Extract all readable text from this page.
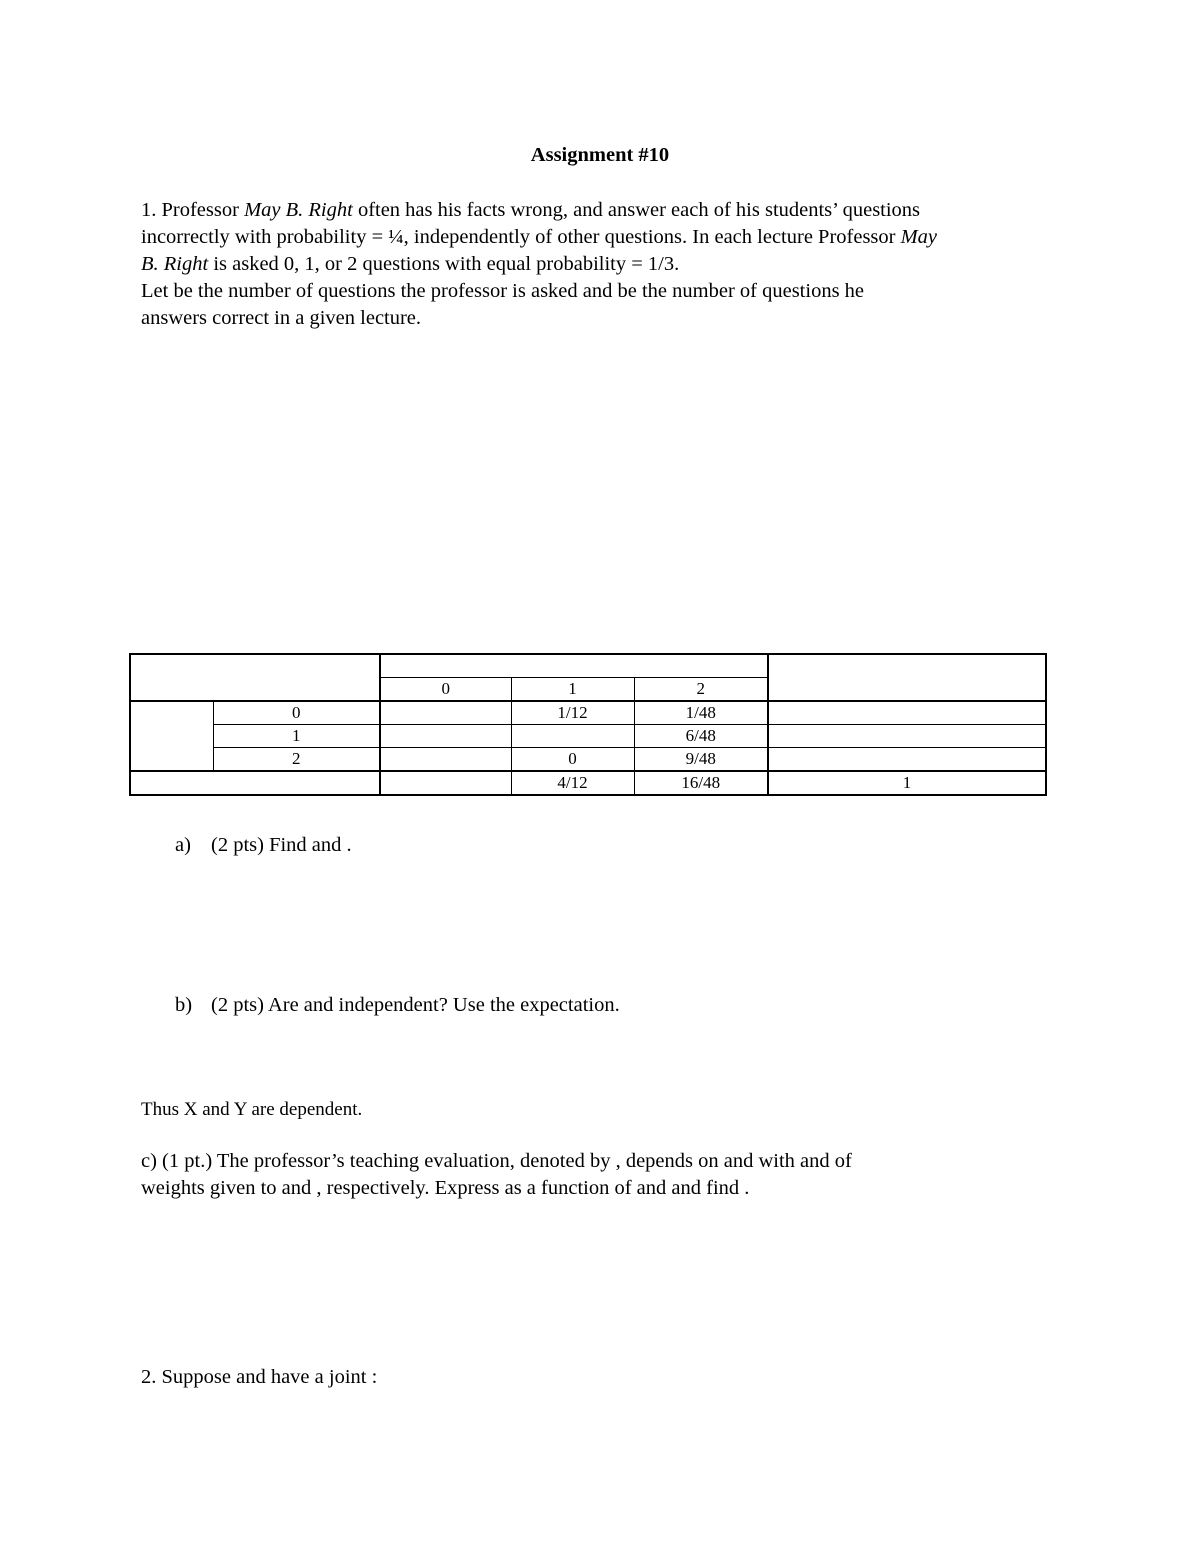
Assignment #10
1. Professor May B. Right often has his facts wrong, and answer each of his students’ questions
incorrectly with probability = ¼, independently of other questions. In each lecture Professor May
B. Right is asked 0, 1, or 2 questions with equal probability = 1/3.
Let be the number of questions the professor is asked and be the number of questions he
answers correct in a given lecture.

		0	1	2	
	0		1/12	1/48	
	1			6/48	
	2		0	9/48	
			4/12	16/48	1
a) (2 pts) Find and .
b) (2 pts) Are and independent? Use the expectation.
Thus X and Y are dependent.
c) (1 pt.) The professor’s teaching evaluation, denoted by , depends on and with and of
weights given to and , respectively. Express as a function of and and find .
2. Suppose and have a joint :
